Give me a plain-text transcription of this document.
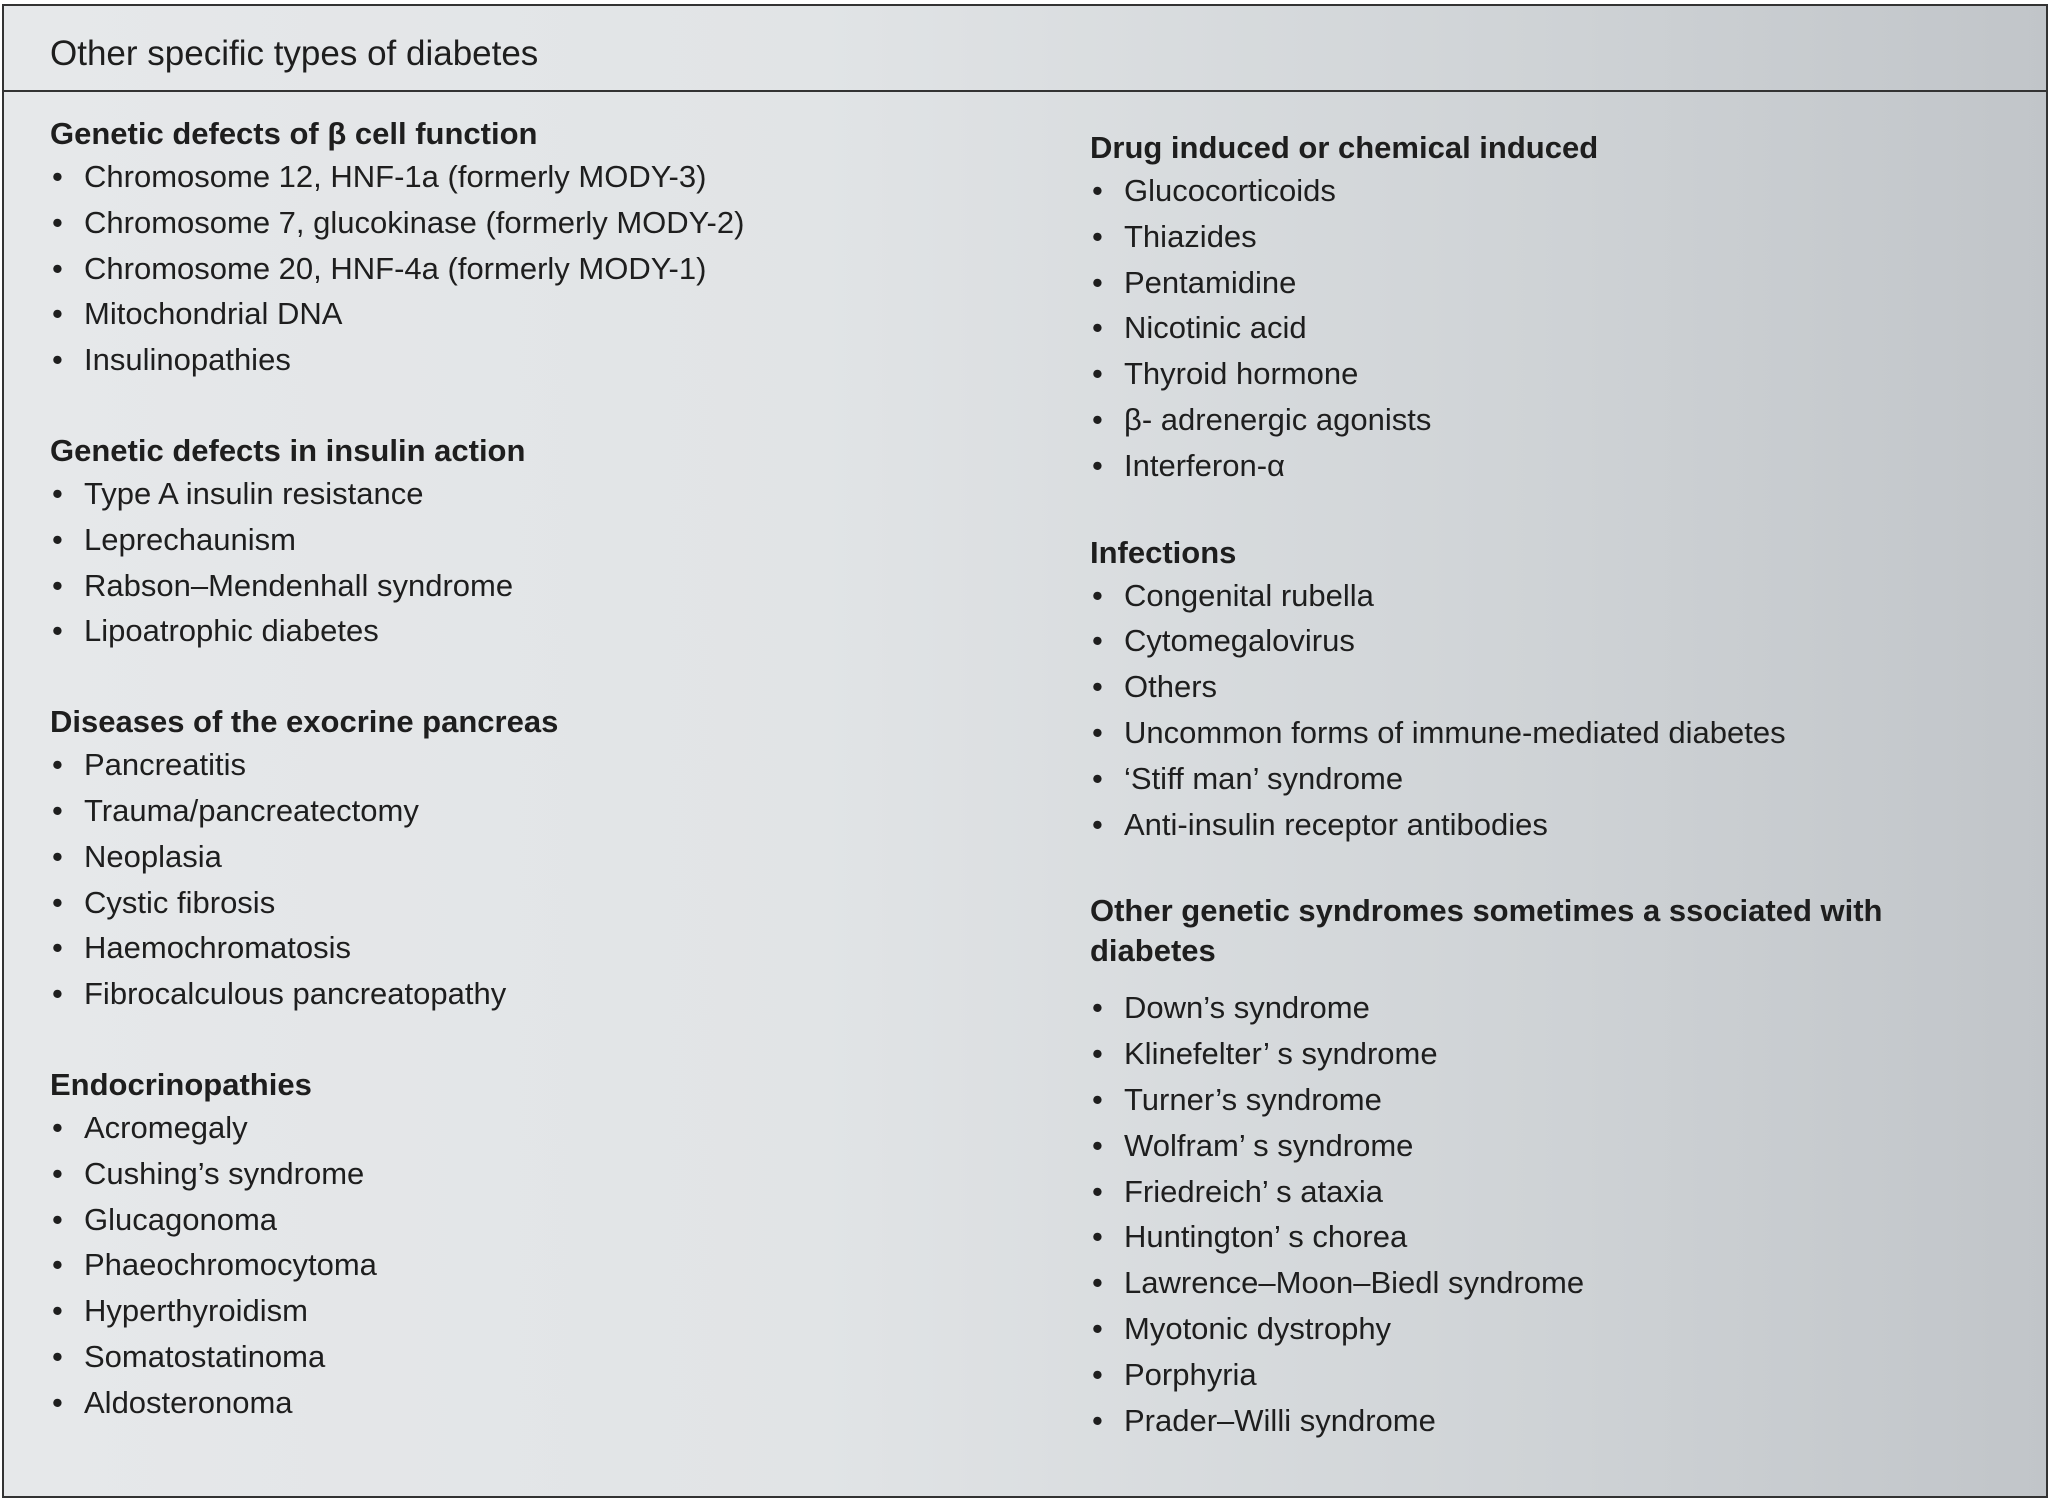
Other specific types of diabetes
Genetic defects of β cell function
• Chromosome 12, HNF-1a (formerly MODY-3)
• Chromosome 7, glucokinase (formerly MODY-2)
• Chromosome 20, HNF-4a (formerly MODY-1)
• Mitochondrial DNA
• Insulinopathies
Genetic defects in insulin action
• Type A insulin resistance
• Leprechaunism
• Rabson–Mendenhall syndrome
• Lipoatrophic diabetes
Diseases of the exocrine pancreas
• Pancreatitis
• Trauma/pancreatectomy
• Neoplasia
• Cystic fibrosis
• Haemochromatosis
• Fibrocalculous pancreatopathy
Endocrinopathies
• Acromegaly
• Cushing’s syndrome
• Glucagonoma
• Phaeochromocytoma
• Hyperthyroidism
• Somatostatinoma
• Aldosteronoma
Drug induced or chemical induced
• Glucocorticoids
• Thiazides
• Pentamidine
• Nicotinic acid
• Thyroid hormone
• β- adrenergic agonists
• Interferon-α
Infections
• Congenital rubella
• Cytomegalovirus
• Others
• Uncommon forms of immune-mediated diabetes
• ‘Stiff man’ syndrome
• Anti-insulin receptor antibodies
Other genetic syndromes sometimes a ssociated with diabetes
• Down’s syndrome
• Klinefelter’ s syndrome
• Turner’s syndrome
• Wolfram’ s syndrome
• Friedreich’ s ataxia
• Huntington’ s chorea
• Lawrence–Moon–Biedl syndrome
• Myotonic dystrophy
• Porphyria
• Prader–Willi syndrome
